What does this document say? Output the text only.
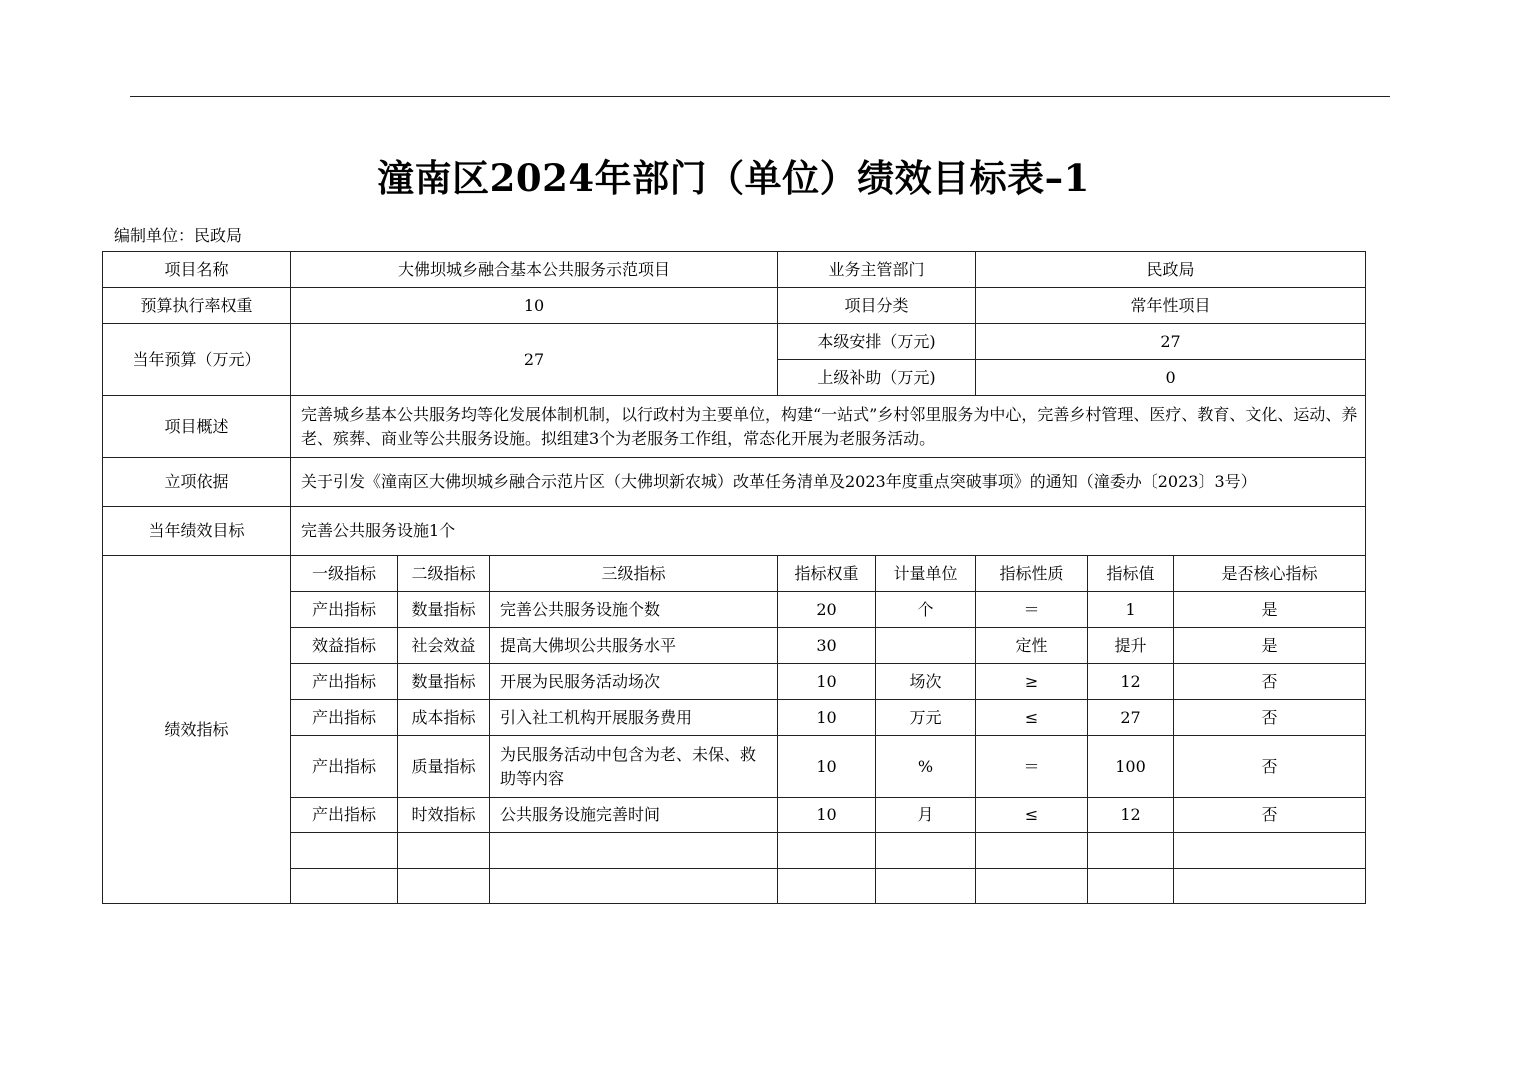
潼南区2024年部门（单位）绩效目标表–1
编制单位：民政局
项目名称	大佛坝城乡融合基本公共服务示范项目			业务主管部门		民政局		
预算执行率权重	10			项目分类		常年性项目		
当年预算（万元）	27			本级安排（万元)		27		
				上级补助（万元)		0		
项目概述	完善城乡基本公共服务均等化发展体制机制，以行政村为主要单位，构建“一站式”乡村邻里服务为中心，完善乡村管理、医疗、教育、文化、运动、养老、殡葬、商业等公共服务设施。拟组建3个为老服务工作组，常态化开展为老服务活动。							
立项依据	关于引发《潼南区大佛坝城乡融合示范片区（大佛坝新农城）改革任务清单及2023年度重点突破事项》的通知（潼委办〔2023〕3号）							
当年绩效目标	完善公共服务设施1个							
绩效指标	一级指标	二级指标	三级指标	指标权重	计量单位	指标性质	指标值	是否核心指标
	产出指标	数量指标	完善公共服务设施个数	20	个	＝	1	是
	效益指标	社会效益	提高大佛坝公共服务水平	30		定性	提升	是
	产出指标	数量指标	开展为民服务活动场次	10	场次	≥	12	否
	产出指标	成本指标	引入社工机构开展服务费用	10	万元	≤	27	否
	产出指标	质量指标	为民服务活动中包含为老、未保、救助等内容	10	%	＝	100	否
	产出指标	时效指标	公共服务设施完善时间	10	月	≤	12	否
